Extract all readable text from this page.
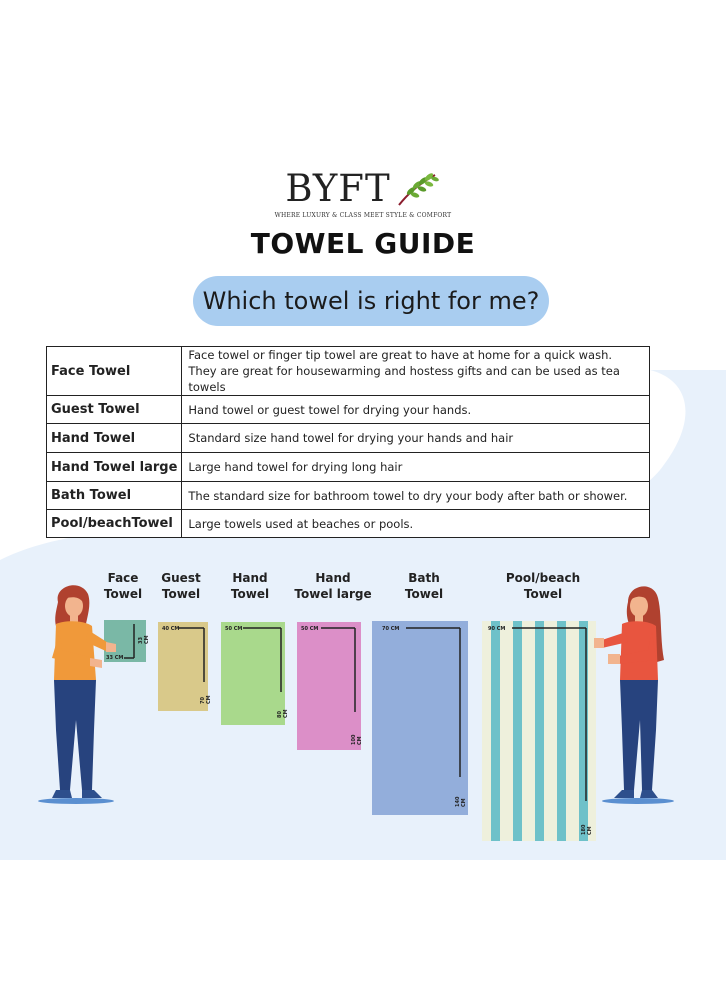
BYFT
WHERE LUXURY & CLASS MEET STYLE & COMFORT
TOWEL GUIDE
Which towel is right for me?
Face Towel	Face towel or finger tip towel are great to have at home for a quick wash.
They are great for housewarming and hostess gifts and can be used as tea towels

Guest Towel	Hand towel or guest towel for drying your hands.
Hand Towel	Standard size hand towel for drying your hands and hair
Hand Towel large	Large hand towel for drying long hair
Bath Towel	The standard size for bathroom towel to dry your body after bath or shower.
Pool/beachTowel	Large towels used at beaches or pools.
Face
Towel
Guest
Towel
Hand
Towel
Hand
Towel large
Bath
Towel
Pool/beach
Towel
33 CM
33 CM
40 CM
70 CM
50 CM
80 CM
50 CM
100 CM
70 CM
140 CM
90 CM
180 CM
